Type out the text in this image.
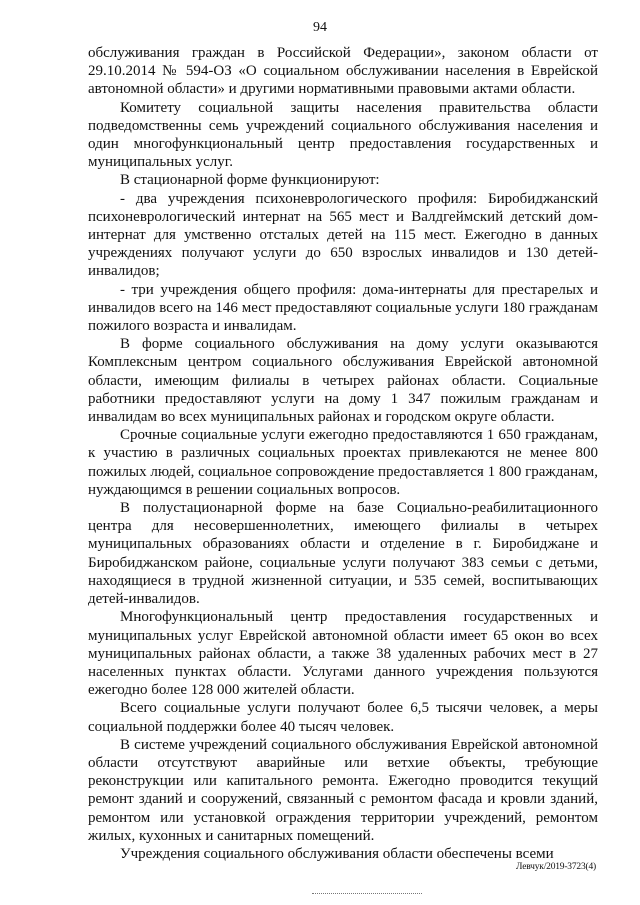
94

обслуживания граждан в Российской Федерации», законом области от 29.10.2014 № 594-ОЗ «О социальном обслуживании населения в Еврейской автономной области» и другими нормативными правовыми актами области.

Комитету социальной защиты населения правительства области подведомственны семь учреждений социального обслуживания населения и один многофункциональный центр предоставления государственных и муниципальных услуг.

В стационарной форме функционируют:

- два учреждения психоневрологического профиля: Биробиджанский психоневрологический интернат на 565 мест и Валдгеймский детский дом-интернат для умственно отсталых детей на 115 мест. Ежегодно в данных учреждениях получают услуги до 650 взрослых инвалидов и 130 детей-инвалидов;

- три учреждения общего профиля: дома-интернаты для престарелых и инвалидов всего на 146 мест предоставляют социальные услуги 180 гражданам пожилого возраста и инвалидам.

В форме социального обслуживания на дому услуги оказываются Комплексным центром социального обслуживания Еврейской автономной области, имеющим филиалы в четырех районах области. Социальные работники предоставляют услуги на дому 1 347 пожилым гражданам и инвалидам во всех муниципальных районах и городском округе области.

Срочные социальные услуги ежегодно предоставляются 1 650 гражданам, к участию в различных социальных проектах привлекаются не менее 800 пожилых людей, социальное сопровождение предоставляется 1 800 гражданам, нуждающимся в решении социальных вопросов.

В полустационарной форме на базе Социально-реабилитационного центра для несовершеннолетних, имеющего филиалы в четырех муниципальных образованиях области и отделение в г. Биробиджане и Биробиджанском районе, социальные услуги получают 383 семьи с детьми, находящиеся в трудной жизненной ситуации, и 535 семей, воспитывающих детей-инвалидов.

Многофункциональный центр предоставления государственных и муниципальных услуг Еврейской автономной области имеет 65 окон во всех муниципальных районах области, а также 38 удаленных рабочих мест в 27 населенных пунктах области. Услугами данного учреждения пользуются ежегодно более 128 000 жителей области.

Всего социальные услуги получают более 6,5 тысячи человек, а меры социальной поддержки более 40 тысяч человек.

В системе учреждений социального обслуживания Еврейской автономной области отсутствуют аварийные или ветхие объекты, требующие реконструкции или капитального ремонта. Ежегодно проводится текущий ремонт зданий и сооружений, связанный с ремонтом фасада и кровли зданий, ремонтом или установкой ограждения территории учреждений, ремонтом жилых, кухонных и санитарных помещений.

Учреждения социального обслуживания области обеспечены всеми

Левчук/2019-3723(4)
